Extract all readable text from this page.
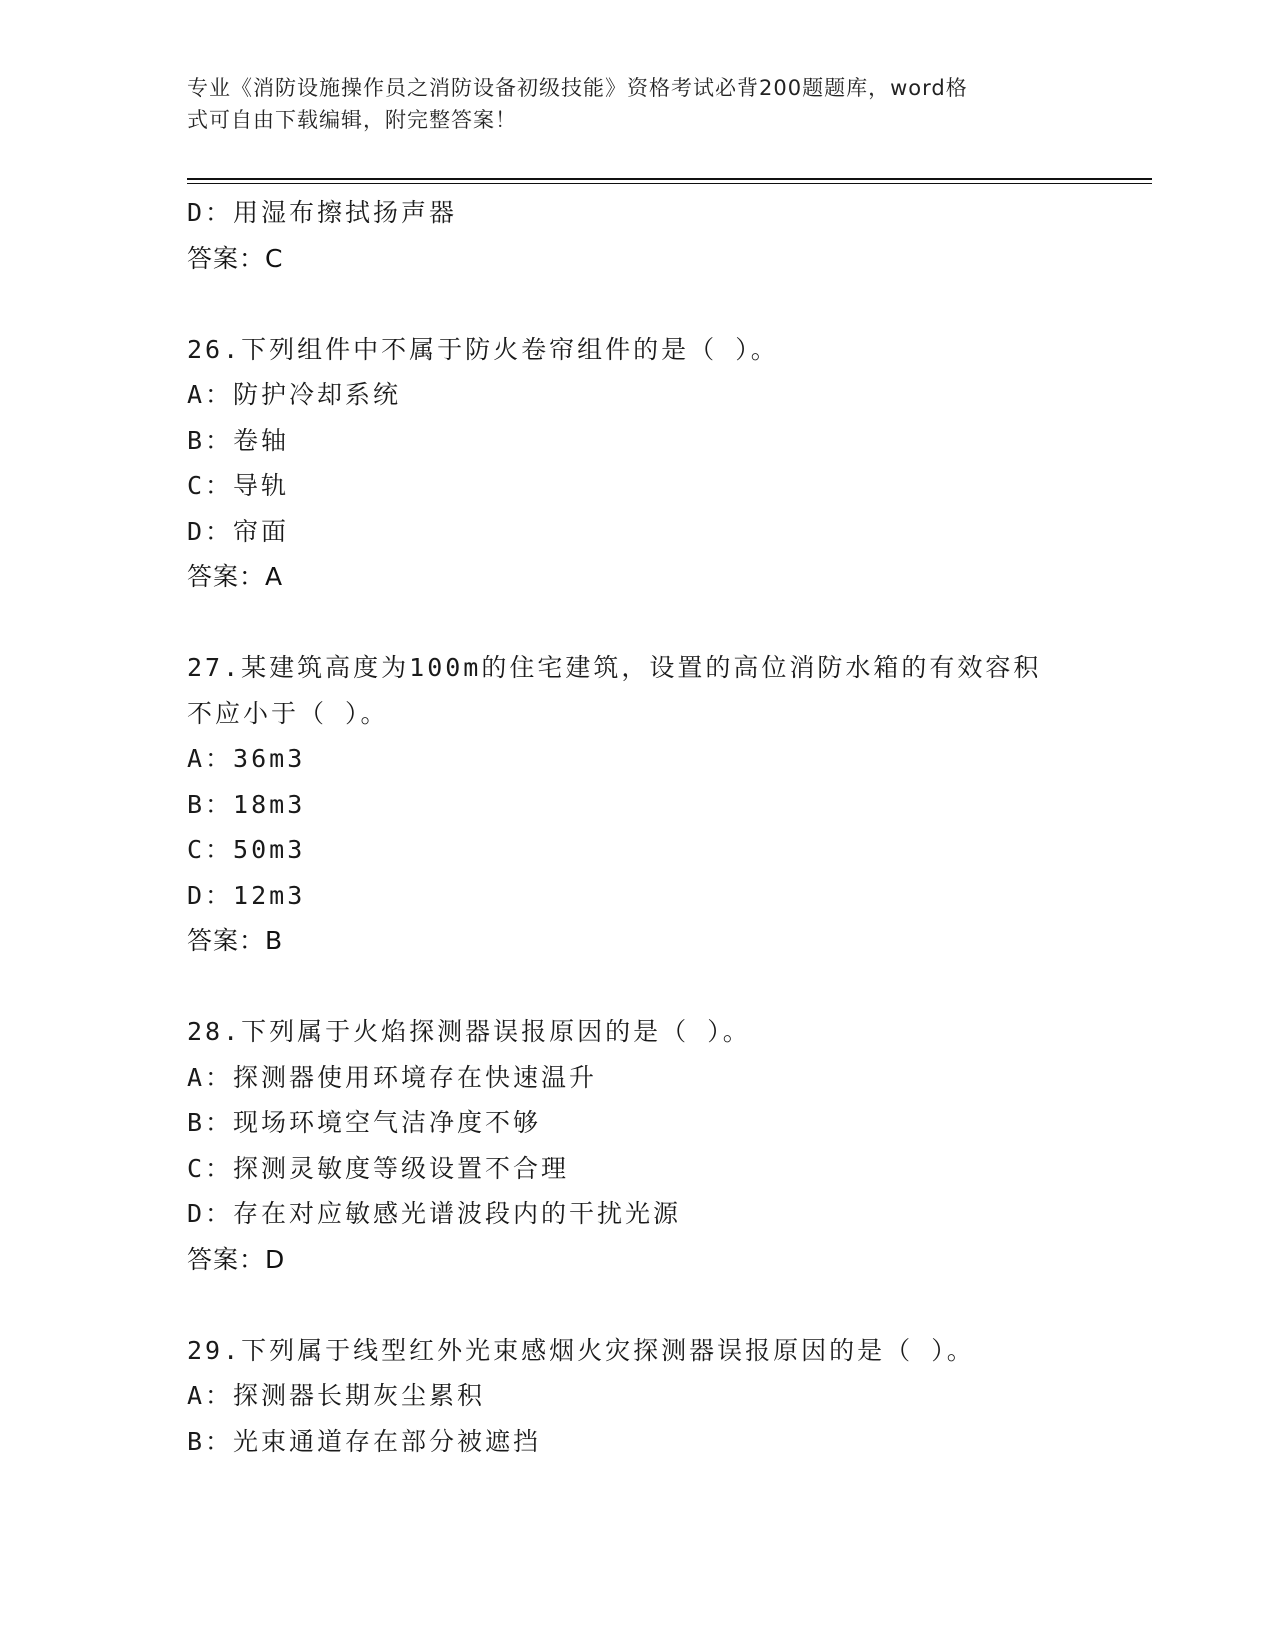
专业《消防设施操作员之消防设备初级技能》资格考试必背200题题库，word格
式可自由下载编辑，附完整答案！
D：用湿布擦拭扬声器
答案：C
26.下列组件中不属于防火卷帘组件的是（ ）。
A：防护冷却系统
B：卷轴
C：导轨
D：帘面
答案：A
27.某建筑高度为100m的住宅建筑，设置的高位消防水箱的有效容积
不应小于（ ）。
A：36m3
B：18m3
C：50m3
D：12m3
答案：B
28.下列属于火焰探测器误报原因的是（ ）。
A：探测器使用环境存在快速温升
B：现场环境空气洁净度不够
C：探测灵敏度等级设置不合理
D：存在对应敏感光谱波段内的干扰光源
答案：D
29.下列属于线型红外光束感烟火灾探测器误报原因的是（ ）。
A：探测器长期灰尘累积
B：光束通道存在部分被遮挡
